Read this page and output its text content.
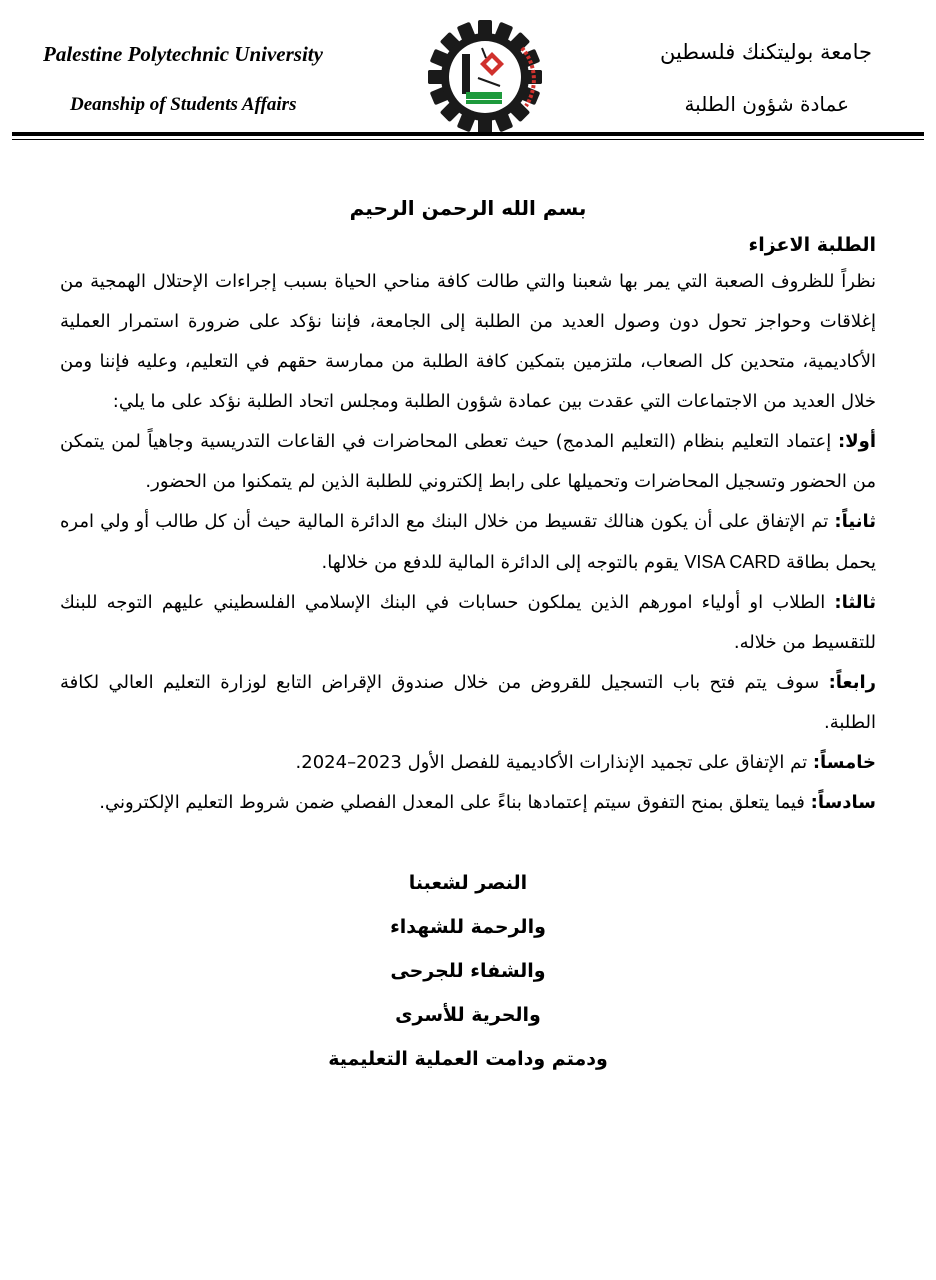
Palestine Polytechnic University
Deanship of Students Affairs
جامعة بوليتكنك فلسطين
عمادة شؤون الطلبة
بسم الله الرحمن الرحيم
الطلبة الاعزاء

نظراً للظروف الصعبة التي يمر بها شعبنا والتي طالت كافة مناحي الحياة بسبب إجراءات الإحتلال الهمجية من إغلاقات وحواجز تحول دون وصول العديد من الطلبة إلى الجامعة، فإننا نؤكد على ضرورة استمرار العملية الأكاديمية، متحدين كل الصعاب، ملتزمين بتمكين كافة الطلبة من ممارسة حقهم في التعليم، وعليه فإننا ومن خلال العديد من الاجتماعات التي عقدت بين عمادة شؤون الطلبة ومجلس اتحاد الطلبة نؤكد على ما يلي:

أولا: إعتماد التعليم بنظام (التعليم المدمج) حيث تعطى المحاضرات في القاعات التدريسية وجاهياً لمن يتمكن من الحضور وتسجيل المحاضرات وتحميلها على رابط إلكتروني للطلبة الذين لم يتمكنوا من الحضور.

ثانياً: تم الإتفاق على أن يكون هنالك تقسيط من خلال البنك مع الدائرة المالية حيث أن كل طالب أو ولي امره يحمل بطاقة VISA CARD يقوم بالتوجه إلى الدائرة المالية للدفع من خلالها.

ثالثا: الطلاب او أولياء امورهم الذين يملكون حسابات في البنك الإسلامي الفلسطيني عليهم التوجه للبنك للتقسيط من خلاله.

رابعاً: سوف يتم فتح باب التسجيل للقروض من خلال صندوق الإقراض التابع لوزارة التعليم العالي لكافة الطلبة.

خامساً: تم الإتفاق على تجميد الإنذارات الأكاديمية للفصل الأول 2023–2024.

سادساً: فيما يتعلق بمنح التفوق سيتم إعتمادها بناءً على المعدل الفصلي ضمن شروط التعليم الإلكتروني.

النصر لشعبنا
والرحمة للشهداء
والشفاء للجرحى
والحرية للأسرى
ودمتم ودامت العملية التعليمية
